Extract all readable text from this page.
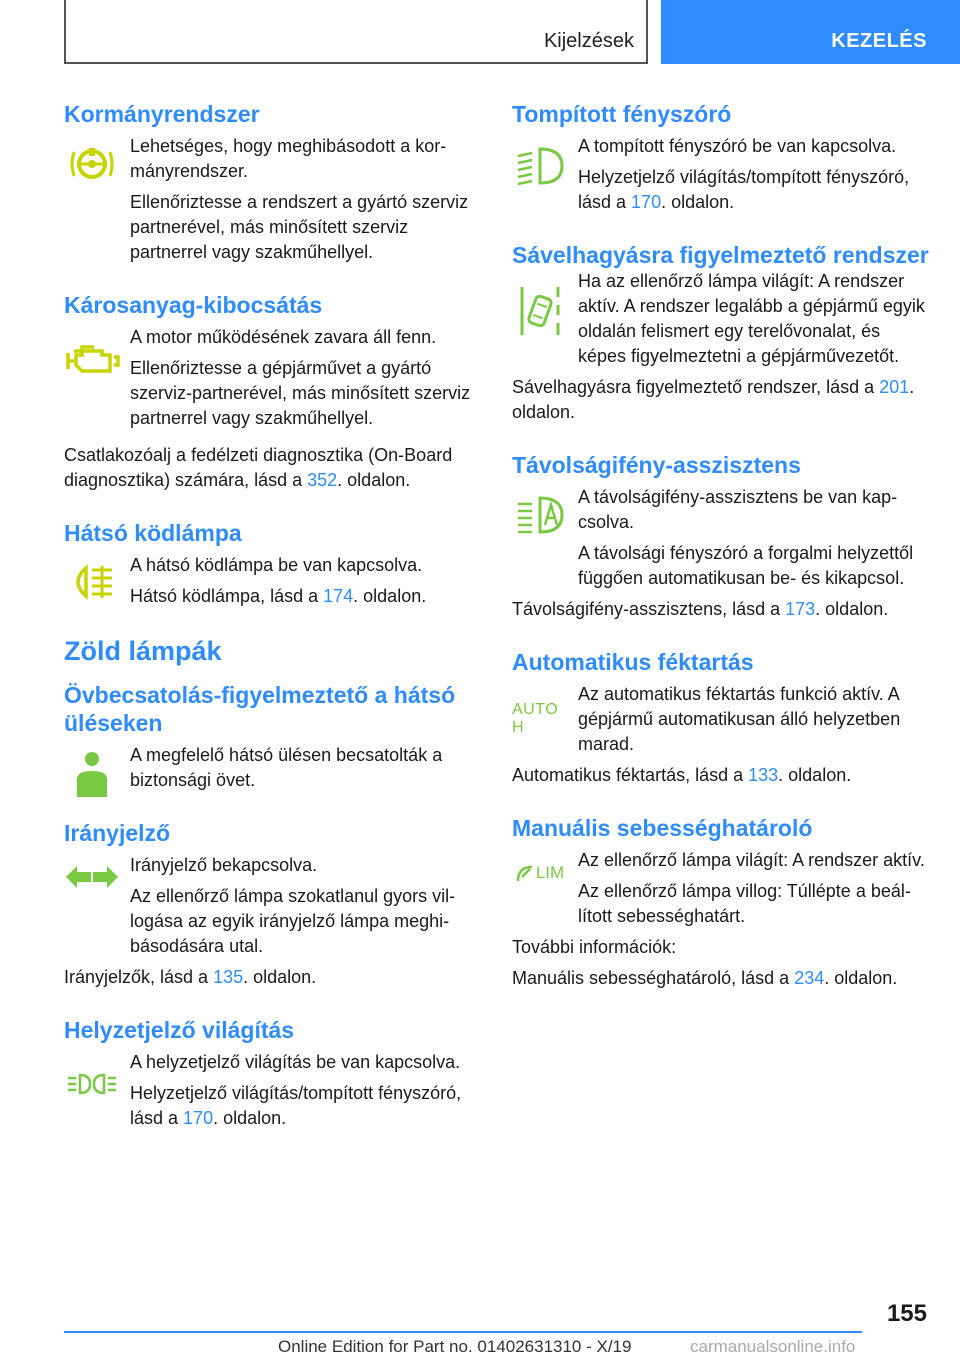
Kijelzések	KEZELÉS
Kormányrendszer

Lehetséges, hogy meghibásodott a kormányrendszer.

Ellenőriztesse a rendszert a gyártó szerviz partnerével, más minősített szerviz partnerrel vagy szakműhellyel.

Károsanyag-kibocsátás

A motor működésének zavara áll fenn.

Ellenőriztesse a gépjárművet a gyártó szerviz-partnerével, más minősített szerviz partnerrel vagy szakműhellyel.

Csatlakozóalj a fedélzeti diagnosztika (On-Board diagnosztika) számára, lásd a 352. oldalon.

Hátsó ködlámpa

A hátsó ködlámpa be van kapcsolva.

Hátsó ködlámpa, lásd a 174. oldalon.

Zöld lámpák
Övbecsatolás-figyelmeztető a hátsó üléseken

A megfelelő hátsó ülésen becsatolták a biztonsági övet.

Irányjelző

Irányjelző bekapcsolva.

Az ellenőrző lámpa szokatlanul gyors villogása az egyik irányjelző lámpa meghibásodására utal.

Irányjelzők, lásd a 135. oldalon.

Helyzetjelző világítás

A helyzetjelző világítás be van kapcsolva.

Helyzetjelző világítás/tompított fényszóró, lásd a 170. oldalon.

Tompított fényszóró

A tompított fényszóró be van kapcsolva.

Helyzetjelző világítás/tompított fényszóró, lásd a 170. oldalon.

Sávelhagyásra figyelmeztető rendszer

Ha az ellenőrző lámpa világít: A rendszer aktív. A rendszer legalább a gépjármű egyik oldalán felismert egy terelővonalat, és képes figyelmeztetni a gépjárművezetőt.

Sávelhagyásra figyelmeztető rendszer, lásd a 201. oldalon.

Távolságifény-asszisztens

A távolságifény-asszisztens be van kapcsolva.

A távolsági fényszóró a forgalmi helyzettől függően automatikusan be- és kikapcsol.

Távolságifény-asszisztens, lásd a 173. oldalon.

Automatikus féktartás
AUTO H

Az automatikus féktartás funkció aktív. A gépjármű automatikusan álló helyzetben marad.

Automatikus féktartás, lásd a 133. oldalon.

Manuális sebességhatároló
LIM

Az ellenőrző lámpa világít: A rendszer aktív.

Az ellenőrző lámpa villog: Túllépte a beállított sebességhatárt.

További információk:

Manuális sebességhatároló, lásd a 234. oldalon.

155
Online Edition for Part no. 01402631310 - X/19	carmanualsonline.info
